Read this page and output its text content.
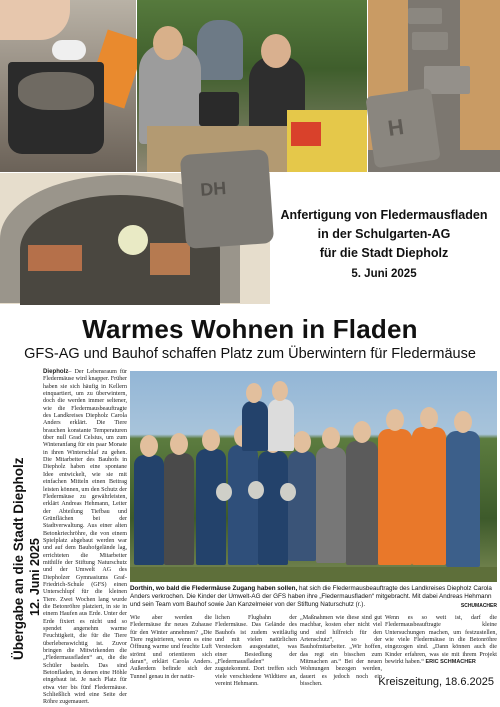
H
DH
Anfertigung von Fledermausfladen
in der Schulgarten-AG
für die Stadt Diepholz
5. Juni 2025
Warmes Wohnen in Fladen
GFS-AG und Bauhof schaffen Platz zum Überwintern für Fledermäuse
Übergabe an die Stadt Diepholz 12. Juni 2025
Diepholz– Der Lebensraum für Fledermäuse wird knapper. Früher haben sie sich häufig in Kellern einquartiert, um zu überwintern, doch die werden immer seltener, wie die Fledermausbeauftragte des Landkreises Diepholz Carola Anders erklärt. Die Tiere brauchen konstante Temperaturen über null Grad Celsius, um zum Winteranfang für ein paar Monate in ihren Winterschlaf zu gehen. Die Mitarbeiter des Bauhofs in Diepholz haben eine spontane Idee entwickelt, wie sie mit einfachen Mitteln einen Beitrag leisten können, um den Schutz der Fledermäuse zu gewährleisten, erklärt Andreas Hehmann, Leiter der Abteilung Tiefbau und Grünflächen bei der Stadtverwaltung. Aus einer alten Betonkriechröhre, die von einem Spielplatz abgebaut werden war und auf dem Bauhofgelände lag, errichteten die Mitarbeiter mithilfe der Stiftung Naturschutz und der Umwelt AG des Diepholzer Gymnasiums Graf-Friedrich-Schule (GFS) einen Unterschlupf für die kleinen Tiere. Zwei Wochen lang wurde die Betonröhre platziert, in sie in einem Haufen aus Erde. Unter der Erde fixiert es nicht und so spendet angenehm warme Feuchtigkeit, die für die Tiere überlebenswichtig ist. Zuvor bringen die Mitwirkenden die „Fledermausfladen“ an, die die Schüler basteln. Das sind Betonfladen, in denen eine Höhle eingebaut ist. Je nach Platz für etwa vier bis fünf Fledermäuse. Schließlich wird eine Seite der Röhre zugemauert.
Dorthin, wo bald die Fledermäuse Zugang haben sollen, hat sich die Fledermausbeauftragte des Landkreises Diepholz Carola Anders verkrochen. Die Kinder der Umwelt-AG der GFS haben ihre „Fledermausfladen“ mitgebracht. Mit dabei Andreas Hehmann und sein Team vom Bauhof sowie Jan Kanzelmeier von der Stiftung Naturschutz (r.).	SCHUMACHER
Wie aber werden die Fledermäuse ihr neues Zuhause für den Winter annehmen? „Die Tiere registrieren, wenn es eine Öffnung warme und feuchte Luft strömt und orientieren sich daran“, erklärt Carola Anders. Außerdem befinde sich der Tunnel genau in der natür-
lichen Flugbahn der Fledermäuse. Das Gelände des Bauhofs ist zudem weitläufig und mit vielen natürlichen Verstecken ausgestattet, was einer Besiedlung der „Fledermausfladen“ zugutekommt. Dort treffen sich viele verschiedene Wildtiere an, vereint Hehmann.
„Maßnahmen wie diese sind gut machbar, kosten eher nicht viel und sind hilfreich für den Artenschutz“, so der Bauhofmitarbeiter. „Wir hoffen, das regt ein bisschen zum Mitmachen an.“ Bei der neuen Wohnungen bezogen werden, dauert es jedoch noch ein bisschen.
Wenn es so weit ist, darf die Fledermausbeauftragte kleine Untersuchungen machen, um festzustellen, wie viele Fledermäuse in die Betonröhre eingezogen sind. „Dann können auch die Kinder erfahren, was sie mit ihrem Projekt bewirkt haben.“ ERIC SCHMACHER
Kreiszeitung, 18.6.2025
